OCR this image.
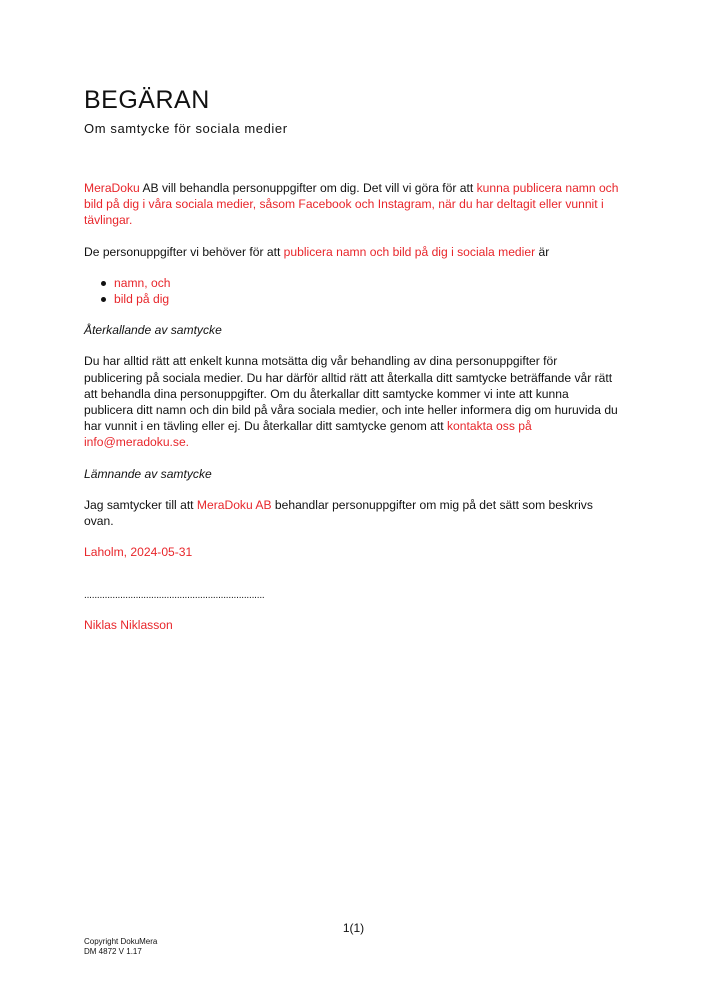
BEGÄRAN
Om samtycke för sociala medier

MeraDoku AB vill behandla personuppgifter om dig. Det vill vi göra för att kunna publicera namn och bild på dig i våra sociala medier, såsom Facebook och Instagram, när du har deltagit eller vunnit i tävlingar.

De personuppgifter vi behöver för att publicera namn och bild på dig i sociala medier är

namn, och
bild på dig

Återkallande av samtycke

Du har alltid rätt att enkelt kunna motsätta dig vår behandling av dina personuppgifter för publicering på sociala medier. Du har därför alltid rätt att återkalla ditt samtycke beträffande vår rätt att behandla dina personuppgifter. Om du återkallar ditt samtycke kommer vi inte att kunna publicera ditt namn och din bild på våra sociala medier, och inte heller informera dig om huruvida du har vunnit i en tävling eller ej. Du återkallar ditt samtycke genom att kontakta oss på info@meradoku.se.

Lämnande av samtycke

Jag samtycker till att MeraDoku AB behandlar personuppgifter om mig på det sätt som beskrivs ovan.

Laholm, 2024-05-31

......................................................................

Niklas Niklasson

1(1)
Copyright DokuMera
DM 4872 V 1.17
